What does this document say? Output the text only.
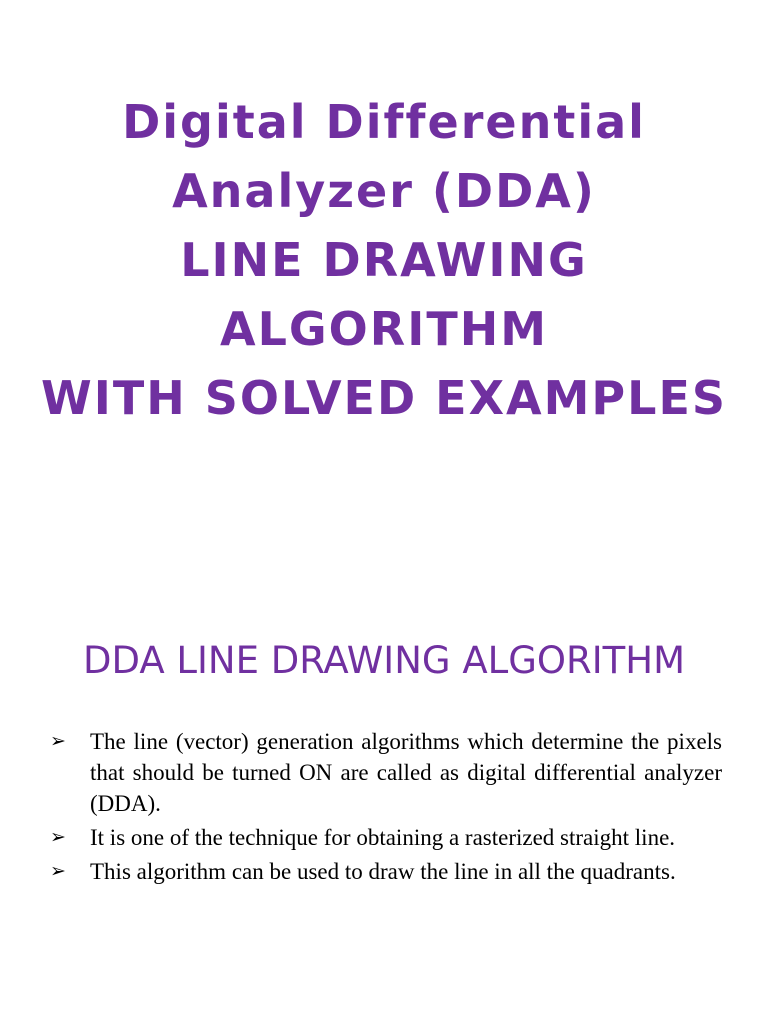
Digital Differential
Analyzer (DDA)
LINE DRAWING
ALGORITHM
WITH SOLVED EXAMPLES
DDA LINE DRAWING ALGORITHM
➢ The line (vector) generation algorithms which determine the pixels that should be turned ON are called as digital differential analyzer (DDA).
➢ It is one of the technique for obtaining a rasterized straight line.
➢ This algorithm can be used to draw the line in all the quadrants.
